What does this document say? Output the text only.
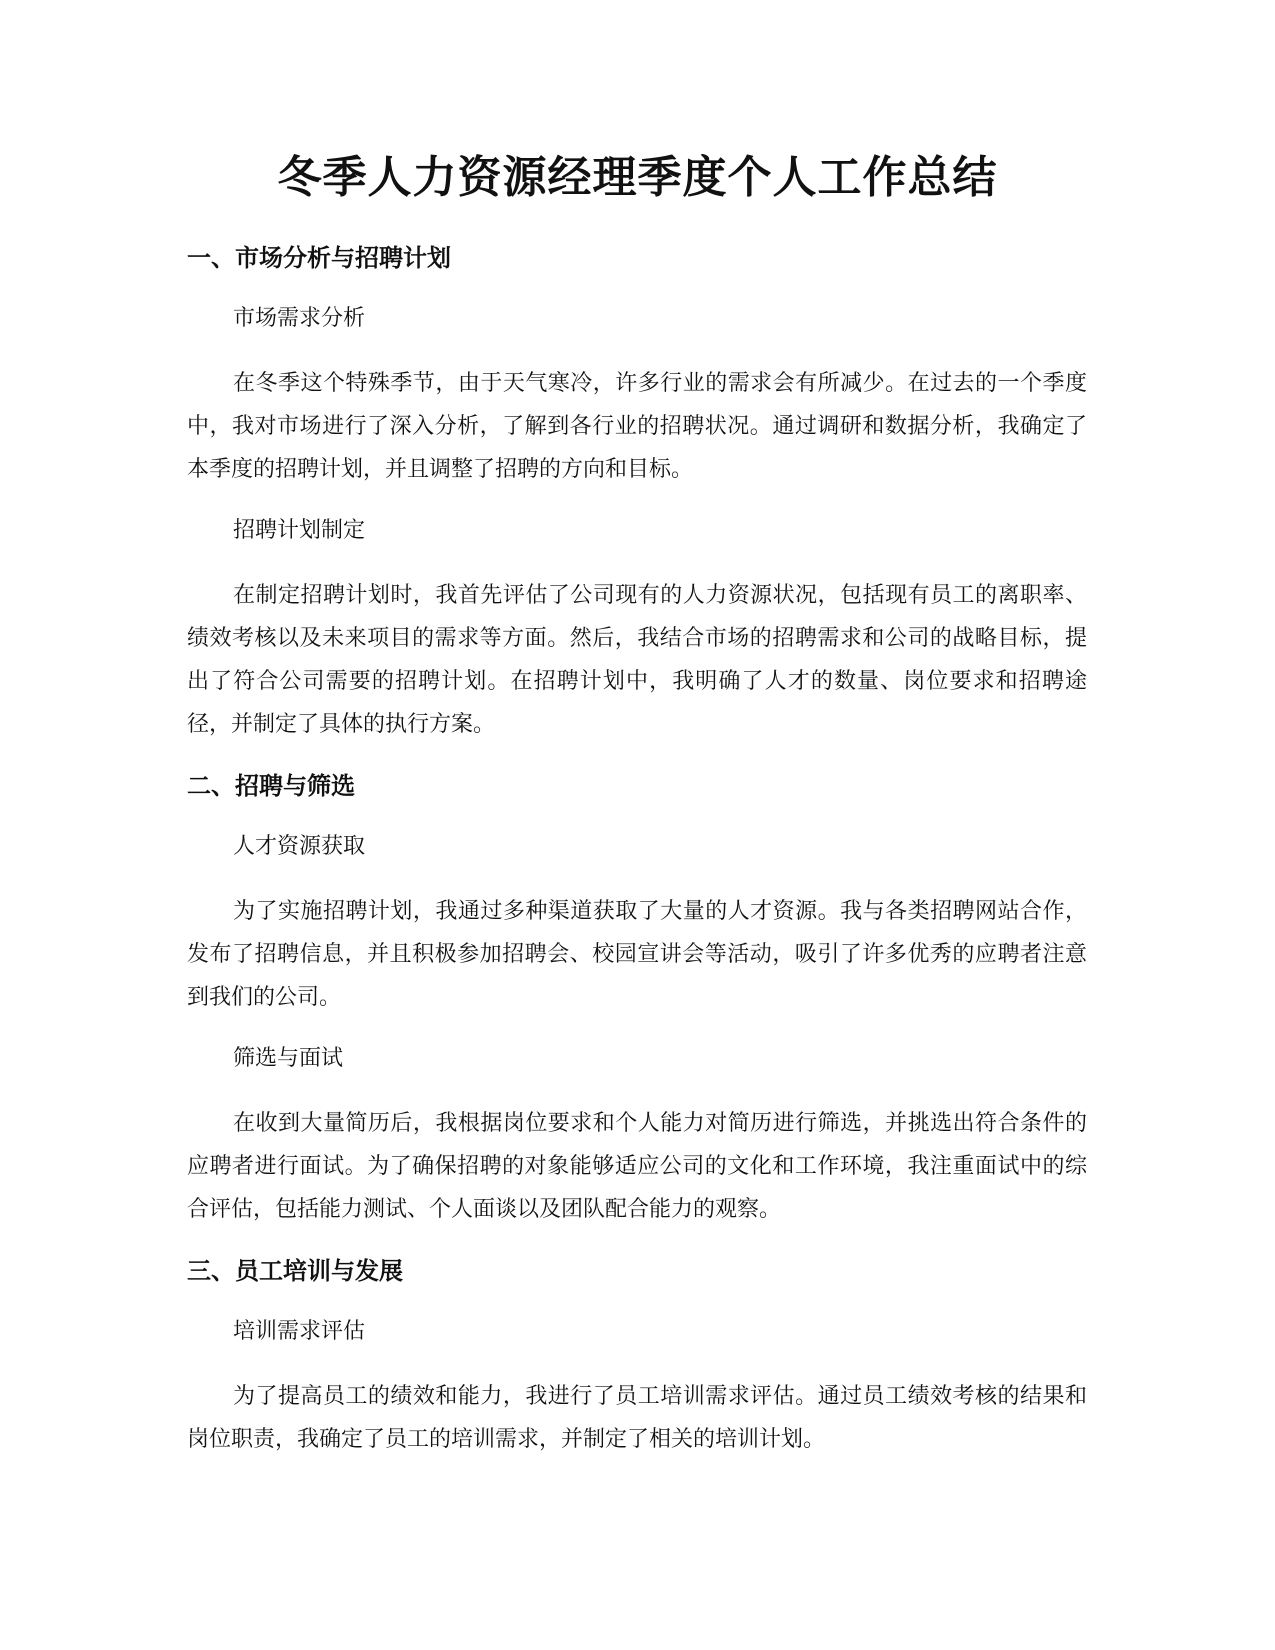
冬季人力资源经理季度个人工作总结
一、市场分析与招聘计划

市场需求分析

在冬季这个特殊季节，由于天气寒冷，许多行业的需求会有所减少。在过去的一个季度中，我对市场进行了深入分析，了解到各行业的招聘状况。通过调研和数据分析，我确定了本季度的招聘计划，并且调整了招聘的方向和目标。

招聘计划制定

在制定招聘计划时，我首先评估了公司现有的人力资源状况，包括现有员工的离职率、绩效考核以及未来项目的需求等方面。然后，我结合市场的招聘需求和公司的战略目标，提出了符合公司需要的招聘计划。在招聘计划中，我明确了人才的数量、岗位要求和招聘途径，并制定了具体的执行方案。

二、招聘与筛选

人才资源获取

为了实施招聘计划，我通过多种渠道获取了大量的人才资源。我与各类招聘网站合作，发布了招聘信息，并且积极参加招聘会、校园宣讲会等活动，吸引了许多优秀的应聘者注意到我们的公司。

筛选与面试

在收到大量简历后，我根据岗位要求和个人能力对简历进行筛选，并挑选出符合条件的应聘者进行面试。为了确保招聘的对象能够适应公司的文化和工作环境，我注重面试中的综合评估，包括能力测试、个人面谈以及团队配合能力的观察。

三、员工培训与发展

培训需求评估

为了提高员工的绩效和能力，我进行了员工培训需求评估。通过员工绩效考核的结果和岗位职责，我确定了员工的培训需求，并制定了相关的培训计划。
